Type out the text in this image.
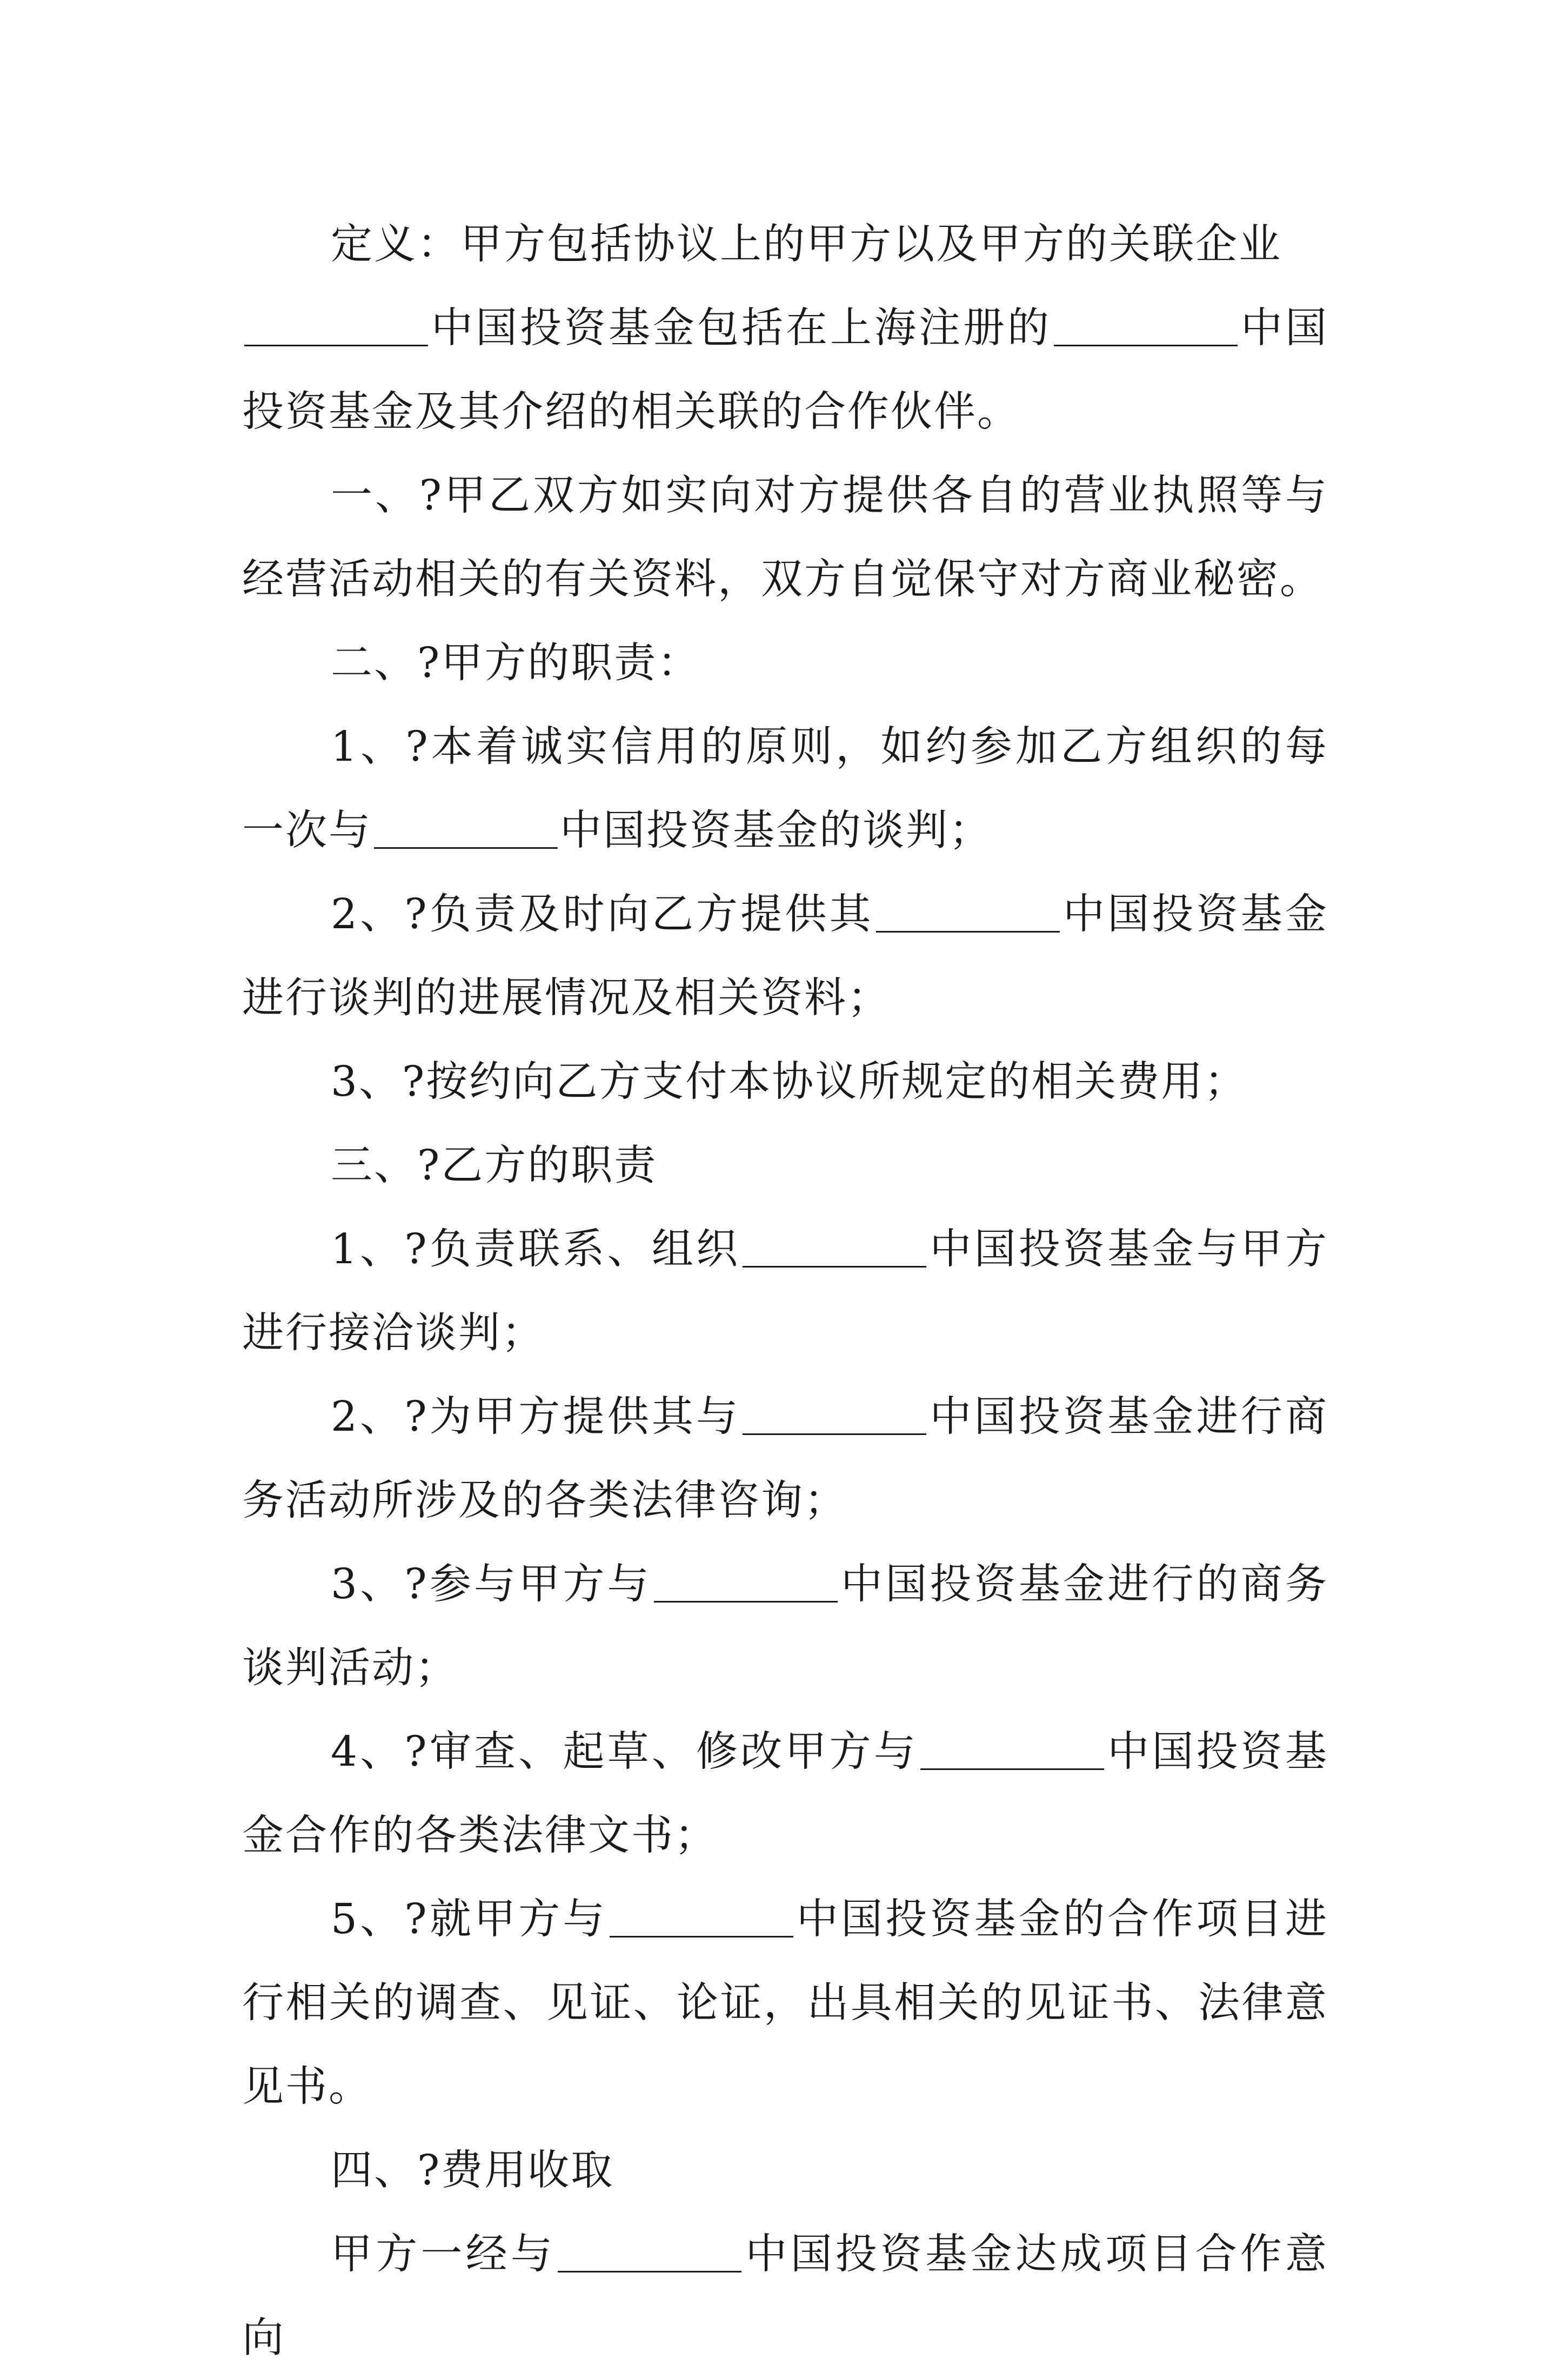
定义：甲方包括协议上的甲方以及甲方的关联企业
中国投资基金包括在上海注册的	中国投资基金及其介绍的相关联的合作伙伴。

一、?甲乙双方如实向对方提供各自的营业执照等与经营活动相关的有关资料，双方自觉保守对方商业秘密。

二、?甲方的职责：

1、?本着诚实信用的原则，如约参加乙方组织的每一次与	中国投资基金的谈判；

2、?负责及时向乙方提供其	中国投资基金进行谈判的进展情况及相关资料；

3、?按约向乙方支付本协议所规定的相关费用；

三、?乙方的职责

1、?负责联系、组织	中国投资基金与甲方进行接洽谈判；

2、?为甲方提供其与	中国投资基金进行商务活动所涉及的各类法律咨询；

3、?参与甲方与	中国投资基金进行的商务谈判活动；

4、?审查、起草、修改甲方与	中国投资基金合作的各类法律文书；

5、?就甲方与	中国投资基金的合作项目进行相关的调查、见证、论证，出具相关的见证书、法律意见书。

四、?费用收取

甲方一经与	中国投资基金达成项目合作意向
